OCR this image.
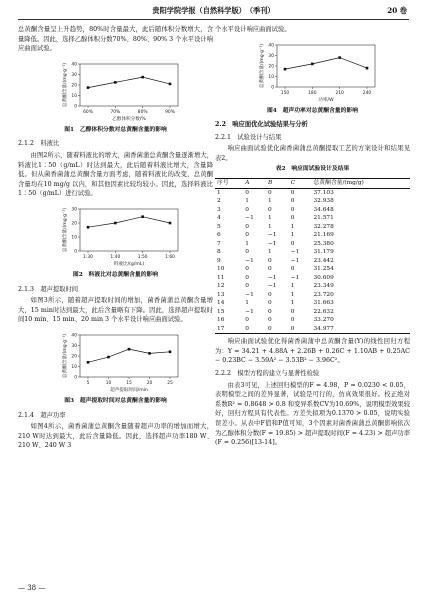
贵阳学院学报（自然科学版）　（季刊）	20 卷

总黄酮含量呈上升趋势，80%时含量最大，此后随体积分数增大，含量降低。因此，选择乙醇体积分数70%、80%、90% 3 个水平设计响应曲面试验。

0
10
20
30
40
60%	70%	80%	90%
乙醇体积分数/%
总黄酮含量/(mg·g⁻¹)
图1　乙醇体积分数对总黄酮含量的影响
2.1.2　料液比

由图2所示，随着料液比的增大，菌香菌蒲总黄酮含量逐渐增大，料液比1∶50（g/mL）时达到最大，此后随着料液比增大，含量降低。但从菌香菌蒲总黄酮含量方面考虑，随着料液比的改变，总黄酮含量均在10 mg/g 以内，和其他因素比较均较小。因此，选择料液比1∶50（g/mL）进行试验。

0
10
20
30
1:30	1:40	1:50	1:60
料液比/(g/mL)
总黄酮含量/(mg·g⁻¹)
图2　料液比对总黄酮含量的影响
2.1.3　超声提取时间

如图3所示，随着超声提取时间的增加，菌香菌蒲总黄酮含量增大，15 min时达到最大，此后含量略有下降。因此，选择超声提取时间10 min、15 min、20 min 3 个水平设计响应曲面试验。

0
10
20
30
40
5	10	15	20	25
超声提取时间/min
总黄酮含量/(mg·g⁻¹)
图3　超声提取时间对总黄酮含量的影响
2.1.4　超声功率

如图4所示，菌香菌蒲总黄酮含量随着超声功率的增加而增大，210 W时达到最大，此后含量降低。因此，选择超声功率180 W、210 W、240 W 3

个水平设计响应曲面试验。

0
10
20
30
40
150	180	210	240
功率/W
总黄酮含量/(mg·g⁻¹)
图4　超声功率对总黄酮含量的影响
2.2　响应面优化试验结果与分析
2.2.1　试验设计与结果

响应曲面试验优化菌香菌蒲总黄酮提取工艺的方案设计和结果见表2。

表2　响应面试验设计及结果
序号	A	B	C	总黄酮含量/(mg/g)
1	0	0	0	37.103
2	1	1	0	32.938
3	0	0	0	34.648
4	−1	1	0	21.571
5	0	1	1	32.278
6	0	−1	1	21.169
7	1	−1	0	25.380
8	0	1	−1	31.179
9	−1	0	−1	23.442
10	0	0	0	31.254
11	0	−1	−1	30.609
12	0	−1	1	23.349
13	−1	0	1	23.720
14	1	0	1	31.663
15	−1	0	0	22.632
16	0	0	0	33.270
17	0	0	0	34.977

响应曲面试验优化得菌香菌蒲中总黄酮含量(Y)的线性回归方程为：Y = 34.21 + 4.88A + 2.26B + 0.26C + 1.10AB + 0.25AC − 0.23BC − 3.59A² − 3.53B² − 3.96C²。

2.2.2　模型方程的建立与显著性检验

由表3可见，上述回归模型的F = 4.98，P = 0.0230 < 0.05，表明模型之间的差异显著，试验是可行的，仿真效果很好。校正绝对系数R² = 0.8648 > 0.8 和变异系数CV为10.69%，说明模型效果较好，回归方程具有代表性。方差失拟项为0.1370 > 0.05，说明实验误差小。从表中F值和P值可知，3个因素对菌香菌蒲总黄酮影响依次为乙醇体积分数(F = 19.85) > 超声提取时间(F = 4.23) > 超声功率(F = 0.256)[13-14]。

— 38 —
